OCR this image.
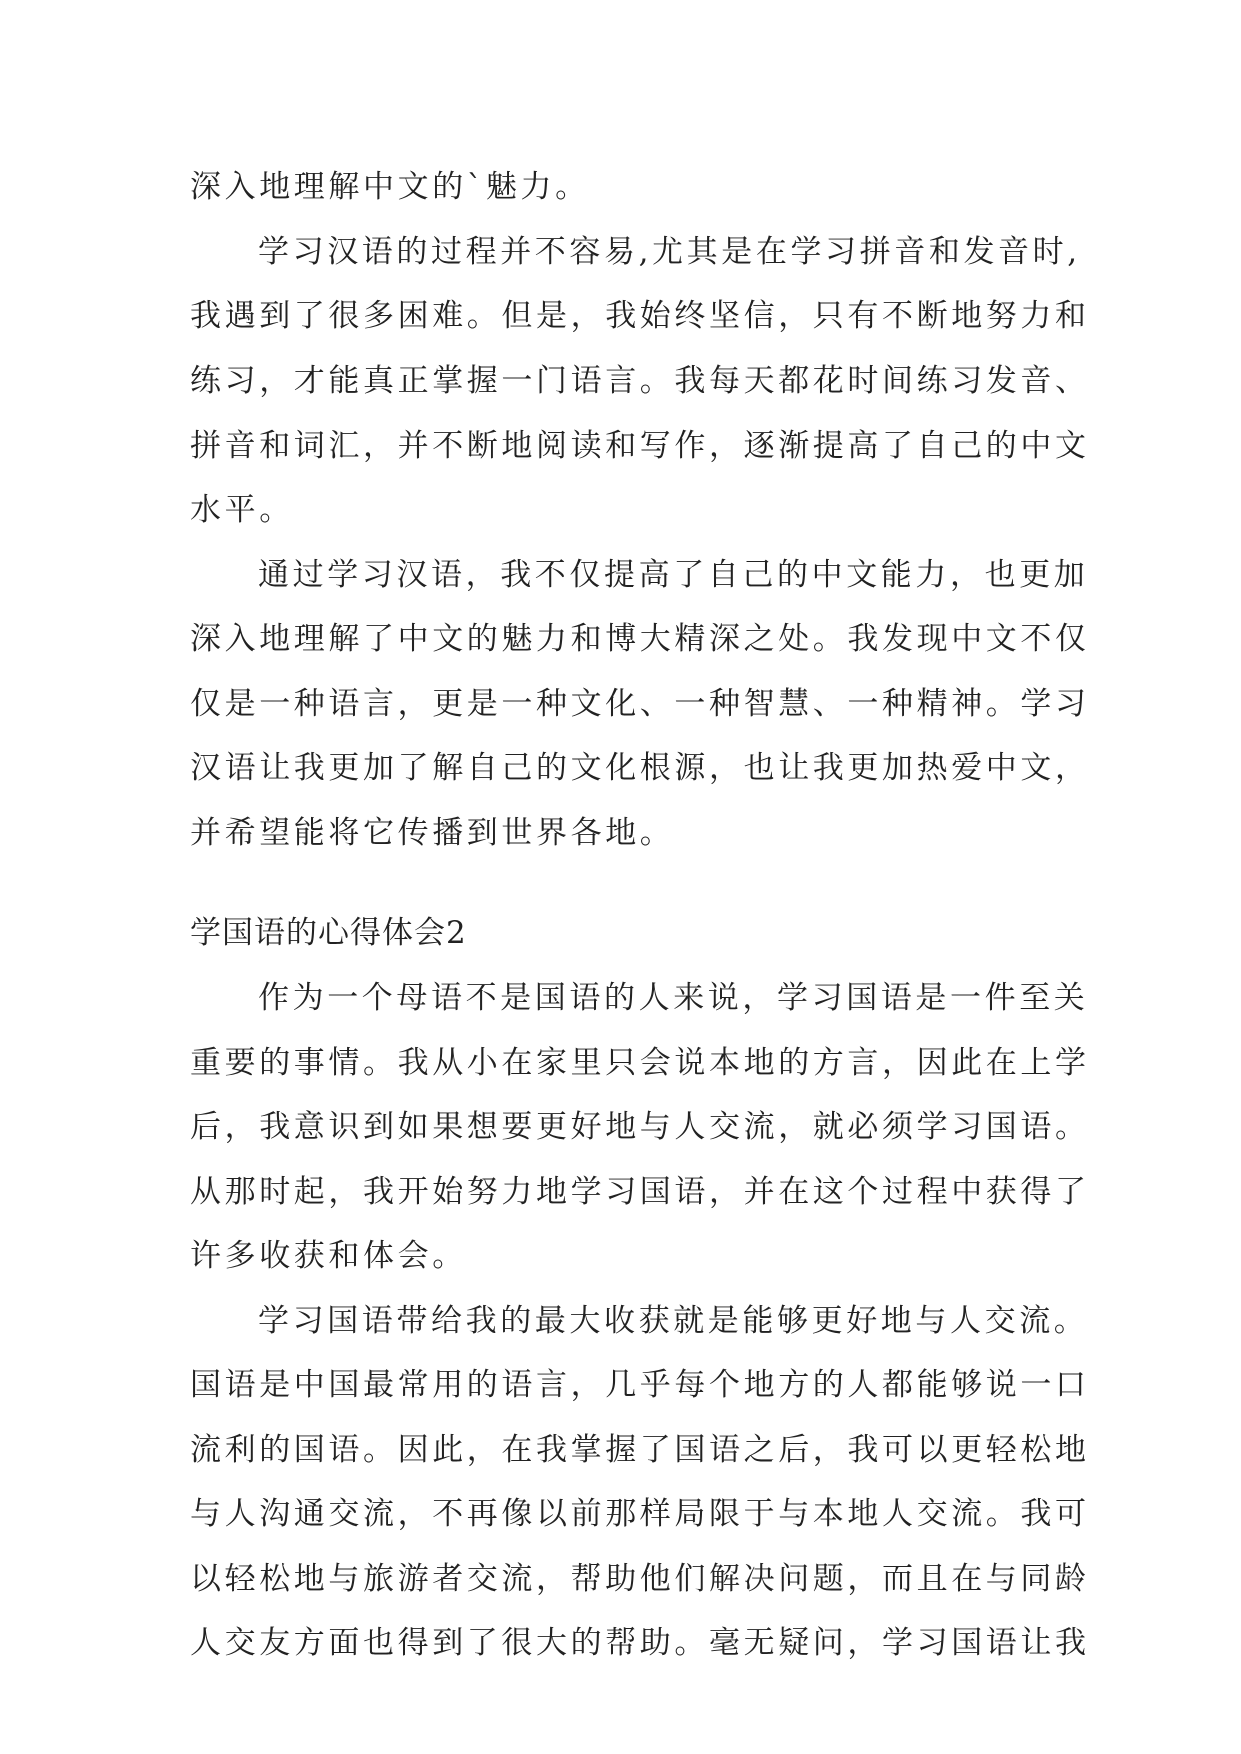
深入地理解中文的`魅力。
学习汉语的过程并不容易,尤其是在学习拼音和发音时,
我遇到了很多困难。但是，我始终坚信，只有不断地努力和
练习，才能真正掌握一门语言。我每天都花时间练习发音、
拼音和词汇，并不断地阅读和写作，逐渐提高了自己的中文
水平。
通过学习汉语，我不仅提高了自己的中文能力，也更加
深入地理解了中文的魅力和博大精深之处。我发现中文不仅
仅是一种语言，更是一种文化、一种智慧、一种精神。学习
汉语让我更加了解自己的文化根源，也让我更加热爱中文，
并希望能将它传播到世界各地。
学国语的心得体会2
作为一个母语不是国语的人来说，学习国语是一件至关
重要的事情。我从小在家里只会说本地的方言，因此在上学
后，我意识到如果想要更好地与人交流，就必须学习国语。
从那时起，我开始努力地学习国语，并在这个过程中获得了
许多收获和体会。
学习国语带给我的最大收获就是能够更好地与人交流。
国语是中国最常用的语言，几乎每个地方的人都能够说一口
流利的国语。因此，在我掌握了国语之后，我可以更轻松地
与人沟通交流，不再像以前那样局限于与本地人交流。我可
以轻松地与旅游者交流，帮助他们解决问题，而且在与同龄
人交友方面也得到了很大的帮助。毫无疑问，学习国语让我
